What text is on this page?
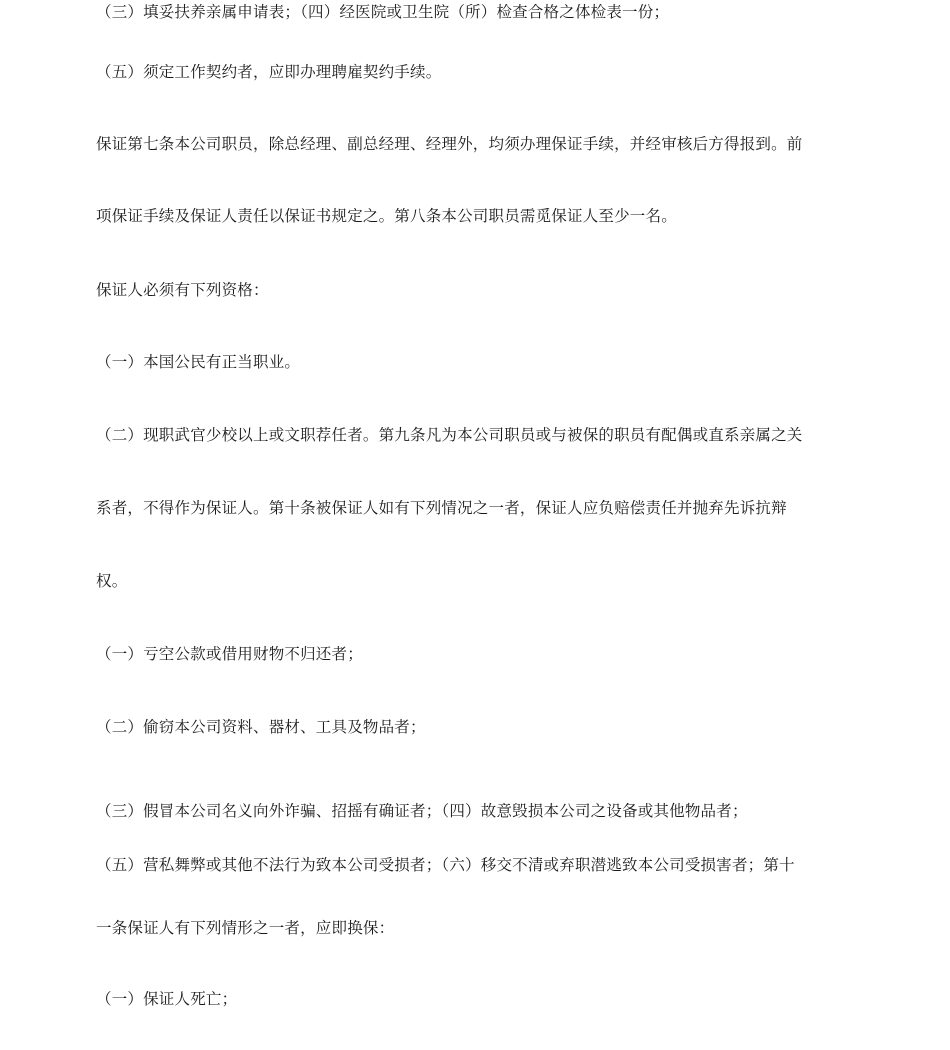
（三）填妥扶养亲属申请表；（四）经医院或卫生院（所）检查合格之体检表一份；
（五）须定工作契约者，应即办理聘雇契约手续。
保证第七条本公司职员，除总经理、副总经理、经理外，均须办理保证手续，并经审核后方得报到。前
项保证手续及保证人责任以保证书规定之。第八条本公司职员需觅保证人至少一名。
保证人必须有下列资格：
（一）本国公民有正当职业。
（二）现职武官少校以上或文职荐任者。第九条凡为本公司职员或与被保的职员有配偶或直系亲属之关
系者，不得作为保证人。第十条被保证人如有下列情况之一者，保证人应负赔偿责任并抛弃先诉抗辩
权。
（一）亏空公款或借用财物不归还者；
（二）偷窃本公司资料、器材、工具及物品者；
（三）假冒本公司名义向外诈骗、招摇有确证者；（四）故意毁损本公司之设备或其他物品者；
（五）营私舞弊或其他不法行为致本公司受损者；（六）移交不清或弃职潜逃致本公司受损害者；第十
一条保证人有下列情形之一者，应即换保：
（一）保证人死亡；
